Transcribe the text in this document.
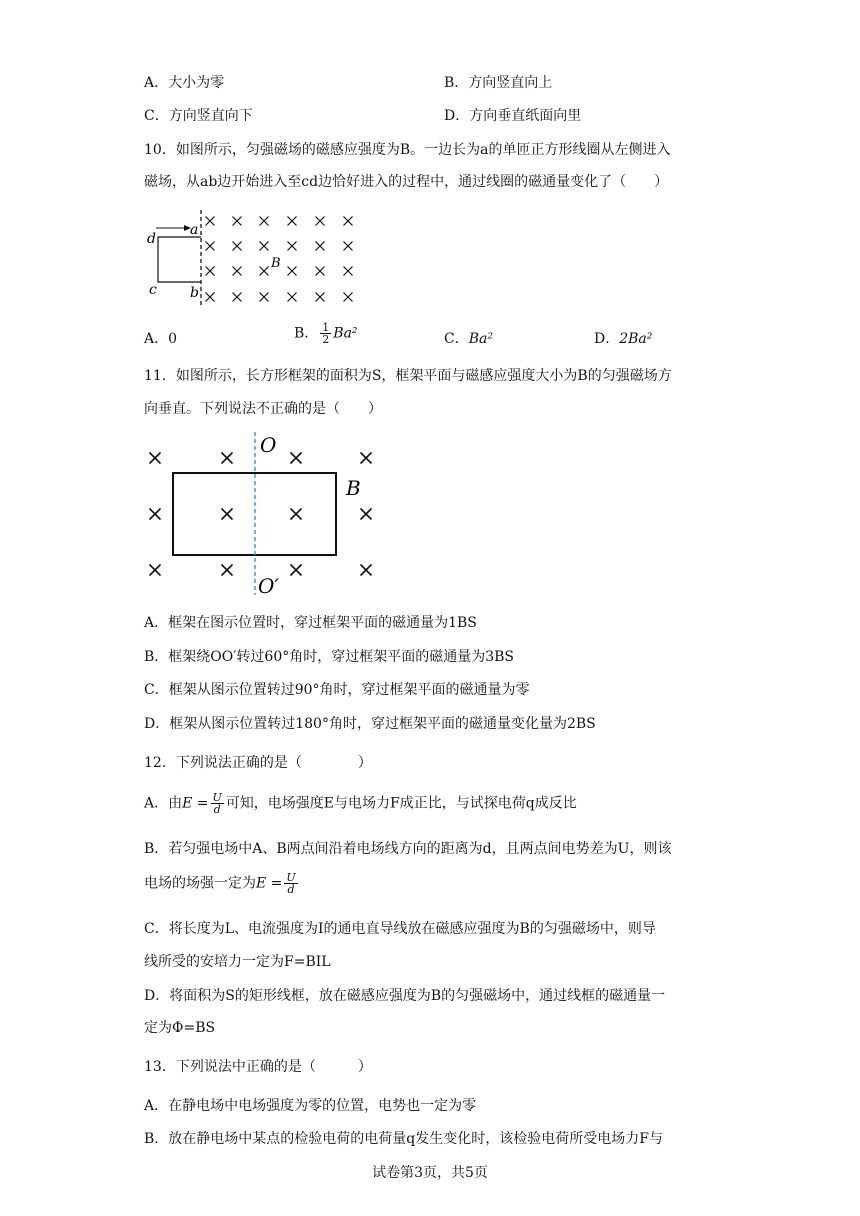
A．大小为零	B．方向竖直向上
C．方向竖直向下	D．方向垂直纸面向里
10．如图所示，匀强磁场的磁感应强度为B。一边长为a的单匝正方形线圈从左侧进入
磁场，从ab边开始进入至cd边恰好进入的过程中，通过线圈的磁通量变化了（　　）
d
a
c b
B
A．0	B． $\frac{1}{2} Ba^2$	C．Ba²	D．2Ba²
11．如图所示，长方形框架的面积为S，框架平面与磁感应强度大小为B的匀强磁场方
向垂直。下列说法不正确的是（　　）
O
O′
B
A．框架在图示位置时，穿过框架平面的磁通量为1BS
B．框架绕OO′转过60°角时，穿过框架平面的磁通量为3BS
C．框架从图示位置转过90°角时，穿过框架平面的磁通量为零
D．框架从图示位置转过180°角时，穿过框架平面的磁通量变化量为2BS
12．下列说法正确的是（　　　　）
A．由$E = \frac{U}{d}$ 可知，电场强度E与电场力F成正比，与试探电荷q成反比
B．若匀强电场中A、B两点间沿着电场线方向的距离为d，且两点间电势差为U，则该
电场的场强一定为$E = \frac{U}{d}$
C．将长度为L、电流强度为I的通电直导线放在磁感应强度为B的匀强磁场中，则导
线所受的安培力一定为F=BIL
D．将面积为S的矩形线框，放在磁感应强度为B的匀强磁场中，通过线框的磁通量一
定为Φ=BS
13．下列说法中正确的是（　　　）
A．在静电场中电场强度为零的位置，电势也一定为零
B．放在静电场中某点的检验电荷的电荷量q发生变化时，该检验电荷所受电场力F与
试卷第3页，共5页
